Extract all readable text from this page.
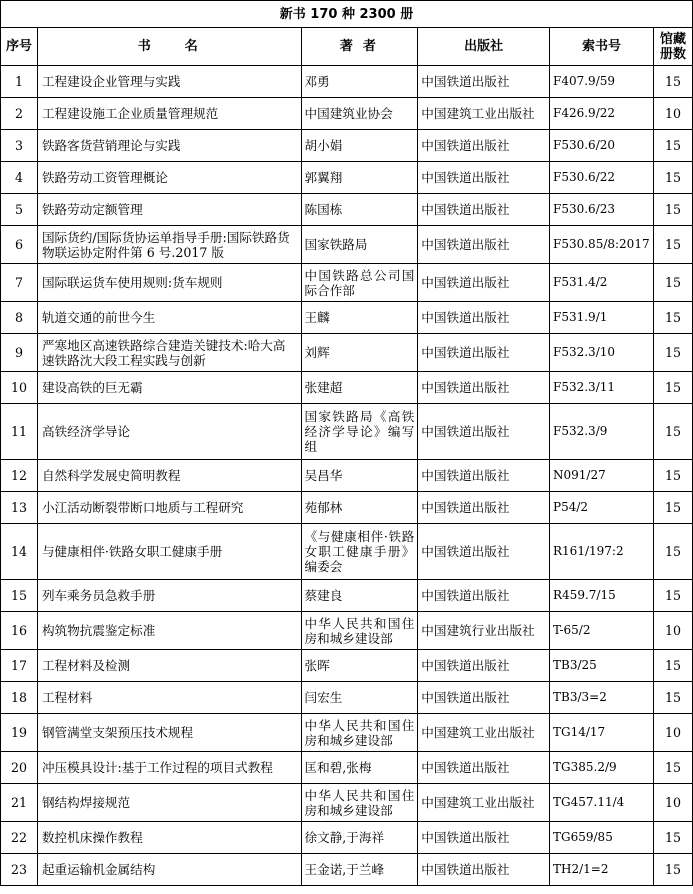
新书 170 种 2300 册					
序号	书名	著者	出版社	索书号	馆藏册数
1	工程建设企业管理与实践	邓勇	中国铁道出版社	F407.9/59	15
2	工程建设施工企业质量管理规范	中国建筑业协会	中国建筑工业出版社	F426.9/22	10
3	铁路客货营销理论与实践	胡小娟	中国铁道出版社	F530.6/20	15
4	铁路劳动工资管理概论	郭翼翔	中国铁道出版社	F530.6/22	15
5	铁路劳动定额管理	陈国栋	中国铁道出版社	F530.6/23	15
6	国际货约/国际货协运单指导手册:国际铁路货物联运协定附件第 6 号.2017 版	国家铁路局	中国铁道出版社	F530.85/8:2017	15
7	国际联运货车使用规则:货车规则	中国铁路总公司国际合作部	中国铁道出版社	F531.4/2	15
8	轨道交通的前世今生	王麟	中国铁道出版社	F531.9/1	15
9	严寒地区高速铁路综合建造关键技术:哈大高速铁路沈大段工程实践与创新	刘辉	中国铁道出版社	F532.3/10	15
10	建设高铁的巨无霸	张建超	中国铁道出版社	F532.3/11	15
11	高铁经济学导论	国家铁路局《高铁经济学导论》编写组	中国铁道出版社	F532.3/9	15
12	自然科学发展史简明教程	吴昌华	中国铁道出版社	N091/27	15
13	小江活动断裂带断口地质与工程研究	苑郁林	中国铁道出版社	P54/2	15
14	与健康相伴·铁路女职工健康手册	《与健康相伴·铁路女职工健康手册》编委会	中国铁道出版社	R161/197:2	15
15	列车乘务员急救手册	蔡建良	中国铁道出版社	R459.7/15	15
16	构筑物抗震鉴定标准	中华人民共和国住房和城乡建设部	中国建筑行业出版社	T-65/2	10
17	工程材料及检测	张晖	中国铁道出版社	TB3/25	15
18	工程材料	闫宏生	中国铁道出版社	TB3/3=2	15
19	钢管满堂支架预压技术规程	中华人民共和国住房和城乡建设部	中国建筑工业出版社	TG14/17	10
20	冲压模具设计:基于工作过程的项目式教程	匡和碧,张梅	中国铁道出版社	TG385.2/9	15
21	钢结构焊接规范	中华人民共和国住房和城乡建设部	中国建筑工业出版社	TG457.11/4	10
22	数控机床操作教程	徐文静,于海祥	中国铁道出版社	TG659/85	15
23	起重运输机金属结构	王金诺,于兰峰	中国铁道出版社	TH2/1=2	15
